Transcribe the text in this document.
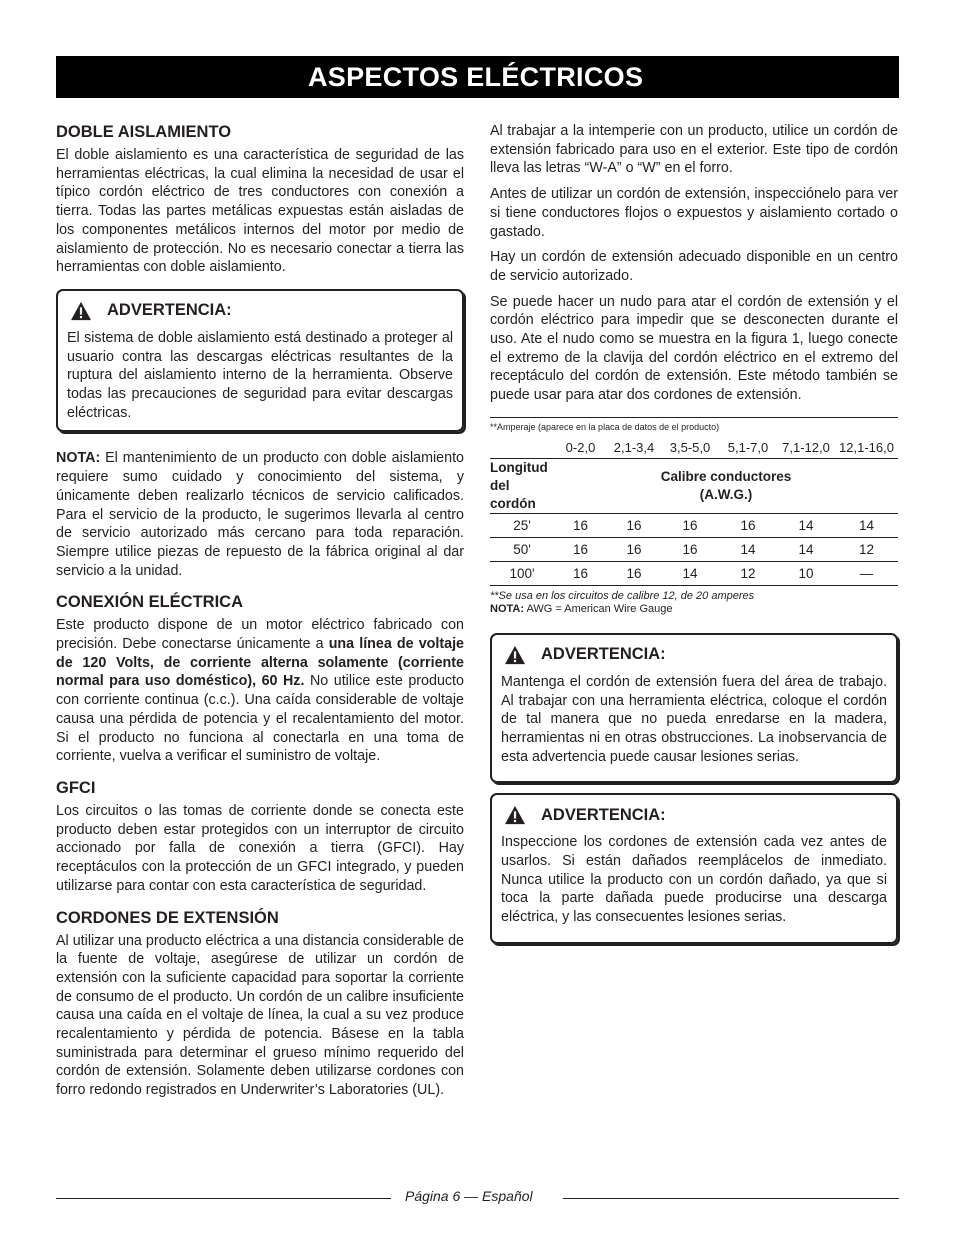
ASPECTOS ELÉCTRICOS
DOBLE AISLAMIENTO

El doble aislamiento es una característica de seguridad de las herramientas eléctricas, la cual elimina la necesidad de usar el típico cordón eléctrico de tres conductores con conexión a tierra. Todas las partes metálicas expuestas están aisladas de los componentes metálicos internos del motor por medio de aislamiento de protección. No es necesario conectar a tierra las herramientas con doble aislamiento.

ADVERTENCIA:

El sistema de doble aislamiento está destinado a proteger al usuario contra las descargas eléctricas resultantes de la ruptura del aislamiento interno de la herramienta. Observe todas las precauciones de seguridad para evitar descargas eléctricas.

NOTA: El mantenimiento de un producto con doble aislamiento requiere sumo cuidado y conocimiento del sistema, y únicamente deben realizarlo técnicos de servicio calificados. Para el servicio de la producto, le sugerimos llevarla al centro de servicio autorizado más cercano para toda reparación. Siempre utilice piezas de repuesto de la fábrica original al dar servicio a la unidad.

CONEXIÓN ELÉCTRICA

Este producto dispone de un motor eléctrico fabricado con precisión. Debe conectarse únicamente a una línea de voltaje de 120 Volts, de corriente alterna solamente (corriente normal para uso doméstico), 60 Hz. No utilice este producto con corriente continua (c.c.). Una caída considerable de voltaje causa una pérdida de potencia y el recalentamiento del motor. Si el producto no funciona al conectarla en una toma de corriente, vuelva a verificar el suministro de voltaje.

GFCI

Los circuitos o las tomas de corriente donde se conecta este producto deben estar protegidos con un interruptor de circuito accionado por falla de conexión a tierra (GFCI). Hay receptáculos con la protección de un GFCI integrado, y pueden utilizarse para contar con esta característica de seguridad.

CORDONES DE EXTENSIÓN

Al utilizar una producto eléctrica a una distancia considerable de la fuente de voltaje, asegúrese de utilizar un cordón de extensión con la suficiente capacidad para soportar la corriente de consumo de el producto. Un cordón de un calibre insuficiente causa una caída en el voltaje de línea, la cual a su vez produce recalentamiento y pérdida de potencia. Básese en la tabla suministrada para determinar el grueso mínimo requerido del cordón de extensión. Solamente deben utilizarse cordones con forro redondo registrados en Underwriter’s Laboratories (UL).

Al trabajar a la intemperie con un producto, utilice un cordón de extensión fabricado para uso en el exterior. Este tipo de cordón lleva las letras “W-A” o “W” en el forro.

Antes de utilizar un cordón de extensión, inspecciónelo para ver si tiene conductores flojos o expuestos y aislamiento cortado o gastado.

Hay un cordón de extensión adecuado disponible en un centro de servicio autorizado.

Se puede hacer un nudo para atar el cordón de extensión y el cordón eléctrico para impedir que se desconecten durante el uso. Ate el nudo como se muestra en la figura 1, luego conecte el extremo de la clavija del cordón eléctrico en el extremo del receptáculo del cordón de extensión. Este método también se puede usar para atar dos cordones de extensión.

**Amperaje (aparece en la placa de datos de el producto)
	0-2,0	2,1-3,4	3,5-5,0	5,1-7,0	7,1-12,0	12,1-16,0
Longitud
del cordón	Calibre conductores
(A.W.G.)					
25'	16	16	16	16	14	14
50'	16	16	16	14	14	12
100'	16	16	14	12	10	—
**Se usa en los circuitos de calibre 12, de 20 amperes
NOTA: AWG = American Wire Gauge
ADVERTENCIA:

Mantenga el cordón de extensión fuera del área de trabajo. Al trabajar con una herramienta eléctrica, coloque el cordón de tal manera que no pueda enredarse en la madera, herramientas ni en otras obstrucciones. La inobservancia de esta advertencia puede causar lesiones serias.

ADVERTENCIA:

Inspeccione los cordones de extensión cada vez antes de usarlos. Si están dañados reemplácelos de inmediato. Nunca utilice la producto con un cordón dañado, ya que si toca la parte dañada puede producirse una descarga eléctrica, y las consecuentes lesiones serias.

Página 6 — Español
